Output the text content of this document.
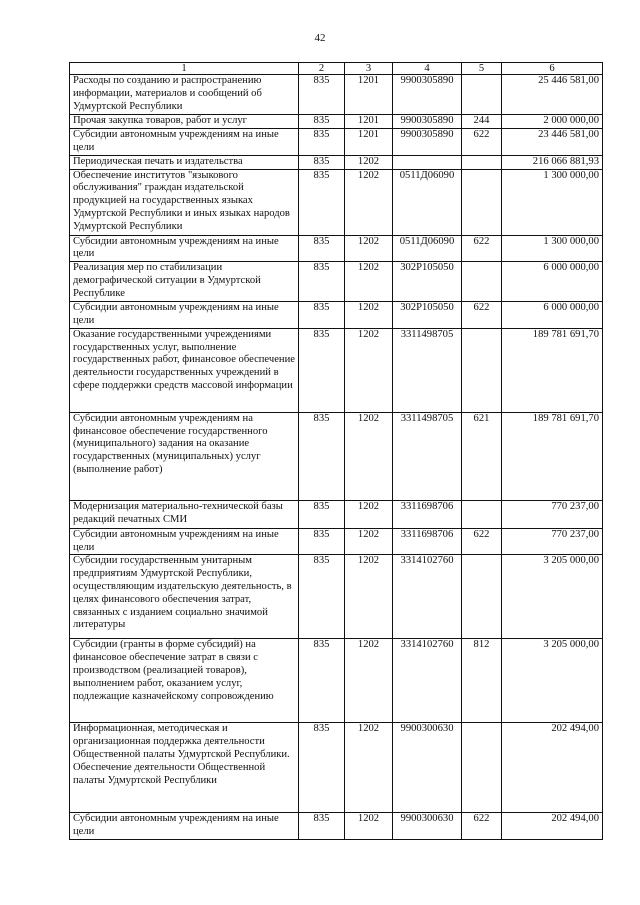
42
1	2	3	4	5	6
Расходы по созданию и распространению информации, материалов и сообщений об Удмуртской Республики	835	1201	9900305890		25 446 581,00
Прочая закупка товаров, работ и услуг	835	1201	9900305890	244	2 000 000,00
Субсидии автономным учреждениям на иные цели	835	1201	9900305890	622	23 446 581,00
Периодическая печать и издательства	835	1202			216 066 881,93
Обеспечение институтов "языкового обслуживания" граждан издательской продукцией на государственных языках Удмуртской Республики и иных языках народов Удмуртской Республики	835	1202	0511Д06090		1 300 000,00
Субсидии автономным учреждениям на иные цели	835	1202	0511Д06090	622	1 300 000,00
Реализация мер по стабилизации демографической ситуации в Удмуртской Республике	835	1202	302Р105050		6 000 000,00
Субсидии автономным учреждениям на иные цели	835	1202	302Р105050	622	6 000 000,00
Оказание государственными учреждениями государственных услуг, выполнение государственных работ, финансовое обеспечение деятельности государственных учреждений в сфере поддержки средств массовой информации	835	1202	3311498705		189 781 691,70
Субсидии автономным учреждениям на финансовое обеспечение государственного (муниципального) задания на оказание государственных (муниципальных) услуг (выполнение работ)	835	1202	3311498705	621	189 781 691,70
Модернизация материально-технической базы редакций печатных СМИ	835	1202	3311698706		770 237,00
Субсидии автономным учреждениям на иные цели	835	1202	3311698706	622	770 237,00
Субсидии государственным унитарным предприятиям Удмуртской Республики, осуществляющим издательскую деятельность, в целях финансового обеспечения затрат, связанных с изданием социально значимой литературы	835	1202	3314102760		3 205 000,00
Субсидии (гранты в форме субсидий) на финансовое обеспечение затрат в связи с производством (реализацией товаров), выполнением работ, оказанием услуг, подлежащие казначейскому сопровождению	835	1202	3314102760	812	3 205 000,00
Информационная, методическая и организационная поддержка деятельности Общественной палаты Удмуртской Республики. Обеспечение деятельности Общественной палаты Удмуртской Республики	835	1202	9900300630		202 494,00
Субсидии автономным учреждениям на иные цели	835	1202	9900300630	622	202 494,00
